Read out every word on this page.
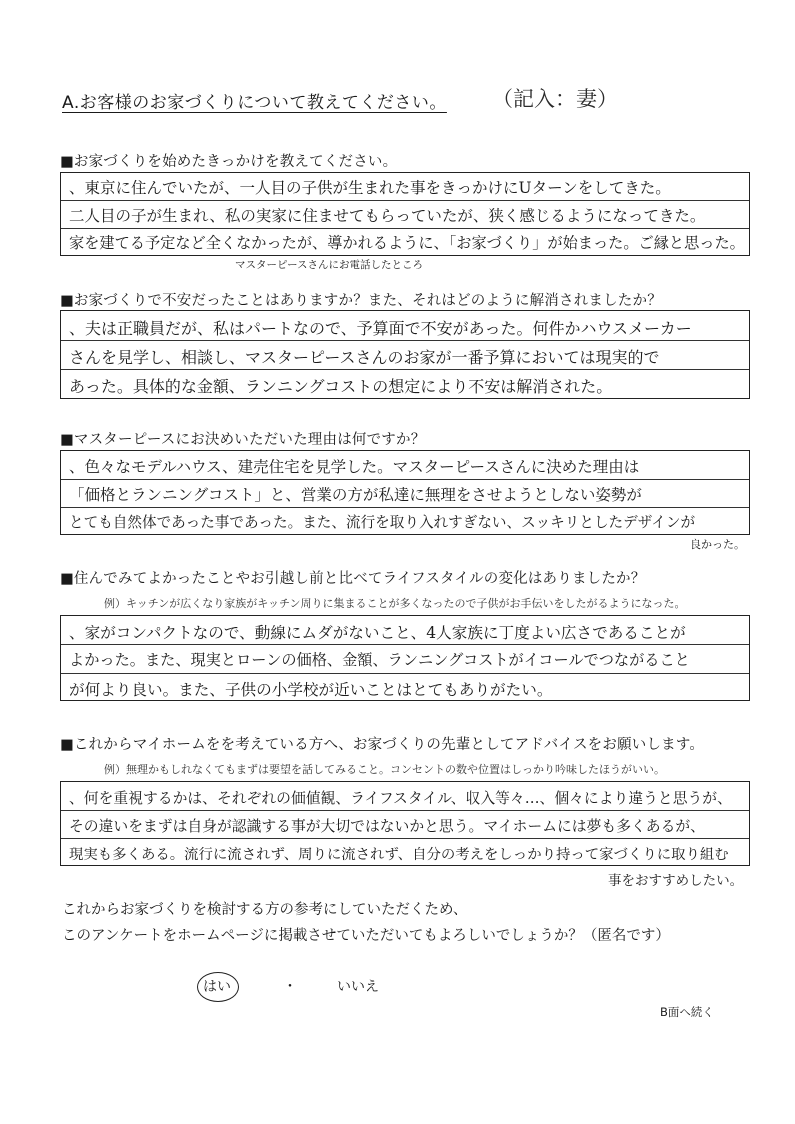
A.お客様のお家づくりについて教えてください。 （記入：妻）
■お家づくりを始めたきっかけを教えてください。
、東京に住んでいたが、一人目の子供が生まれた事をきっかけにUターンをしてきた。
二人目の子が生まれ、私の実家に住ませてもらっていたが、狭く感じるようになってきた。
家を建てる予定など全くなかったが、導かれるように、「お家づくり」が始まった。ご縁と思った。
マスターピースさんにお電話したところ
■お家づくりで不安だったことはありますか？また、それはどのように解消されましたか？
、夫は正職員だが、私はパートなので、予算面で不安があった。何件かハウスメーカー
さんを見学し、相談し、マスターピースさんのお家が一番予算においては現実的で
あった。具体的な金額、ランニングコストの想定により不安は解消された。
■マスターピースにお決めいただいた理由は何ですか？
、色々なモデルハウス、建売住宅を見学した。マスターピースさんに決めた理由は
「価格とランニングコスト」と、営業の方が私達に無理をさせようとしない姿勢が
とても自然体であった事であった。また、流行を取り入れすぎない、スッキリとしたデザインが
良かった。
■住んでみてよかったことやお引越し前と比べてライフスタイルの変化はありましたか？
例）キッチンが広くなり家族がキッチン周りに集まることが多くなったので子供がお手伝いをしたがるようになった。
、家がコンパクトなので、動線にムダがないこと、4人家族に丁度よい広さであることが
よかった。また、現実とローンの価格、金額、ランニングコストがイコールでつながること
が何より良い。また、子供の小学校が近いことはとてもありがたい。
■これからマイホームをを考えている方へ、お家づくりの先輩としてアドバイスをお願いします。
例）無理かもしれなくてもまずは要望を話してみること。コンセントの数や位置はしっかり吟味したほうがいい。
、何を重視するかは、それぞれの価値観、ライフスタイル、収入等々…、個々により違うと思うが、
その違いをまずは自身が認識する事が大切ではないかと思う。マイホームには夢も多くあるが、
現実も多くある。流行に流されず、周りに流されず、自分の考えをしっかり持って家づくりに取り組む
事をおすすめしたい。
これからお家づくりを検討する方の参考にしていただくため、
このアンケートをホームページに掲載させていただいてもよろしいでしょうか？（匿名です）
はい	・	いいえ
B面へ続く
